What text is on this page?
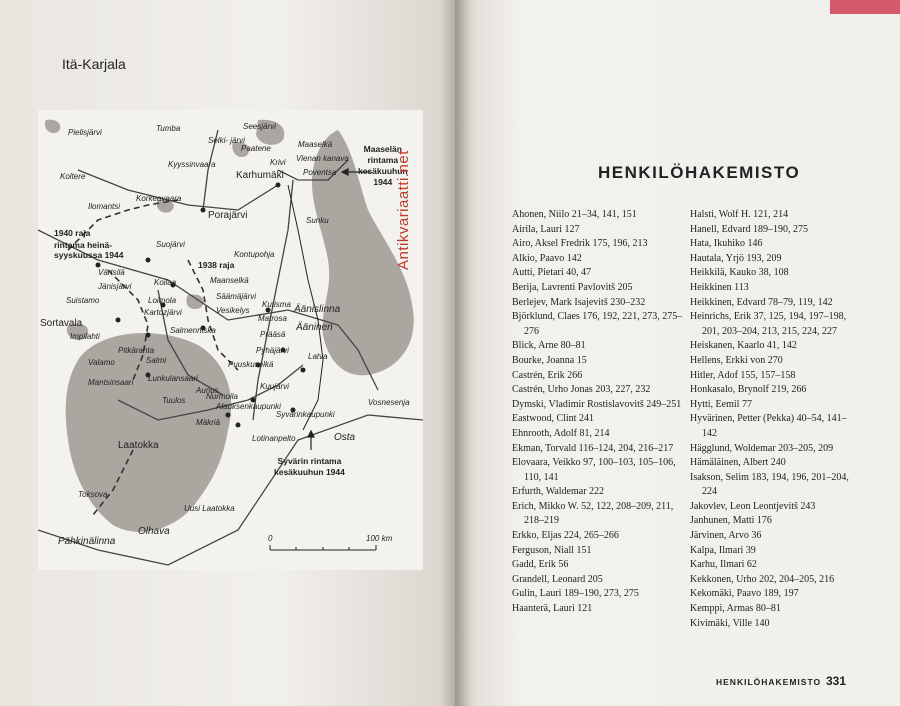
Itä-Karjala
Pielisjärvi	Tumba
Selki- järvi
Seesjärvi
Paatene	Maaselkä
Kyyssinvaara	Krivi Vienan kanava
Poventsa
Maaselän
rintama
kesäkuuhun
1944
Karhumäki
Koltere
Ilomantsi
Korkeavaara
Porajärvi	Sunku
1940 raja
rintama heinä-
syyskuussa 1944
Suojärvi
Kontupohja
Värtsilä
1938 raja
Maanselkä
Jänisjärvi	Koilaa
Säämäjärvi
Suistamo	Loimola	Kutisma Äänislinna
Kartozjärvi	Vesikelys
Matrosa
Ääninen
Sortavala
Impilahti
Salmenniska	Prääsä
Pitkäranta
Valamo	Salmi
Pyhäjärvi
Latva
Mantsinsaari Lunkulansaari
Puuskuselkä
Aunus	Kuujärvi
Tuulos	Nurmoila
Alauksenkaupunki	Vosnesenja
Mäkriä
Syvärinkaupunki
Laatokka
Lotinanpelto	Osta
Syvärin rintama
kesäkuuhun 1944
Toksova
Uusi Laatokka
Olhava
Pähkinälinna	0	100 km
Antikvariaatti.net	HENKILÖHAKEMISTO
Ahonen, Niilo 21–34, 141, 151
Airila, Lauri 127
Airo, Aksel Fredrik 175, 196, 213
Alkio, Paavo 142
Autti, Pietari 40, 47
Berija, Lavrenti Pavlovitš 205
Berlejev, Mark Isajevitš 230–232
Björklund, Claes 176, 192, 221, 273, 275–276
Blick, Arne 80–81
Bourke, Joanna 15
Castrén, Erik 266
Castrén, Urho Jonas 203, 227, 232
Dymski, Vladimir Rostislavovitš 249–251
Eastwood, Clint 241
Ehnrooth, Adolf 81, 214
Ekman, Torvald 116–124, 204, 216–217
Elovaara, Veikko 97, 100–103, 105–106, 110, 141
Erfurth, Waldemar 222
Erich, Mikko W. 52, 122, 208–209, 211, 218–219
Erkko, Eljas 224, 265–266
Ferguson, Niall 151
Gadd, Erik 56
Grandell, Leonard 205
Gulin, Lauri 189–190, 273, 275
Haanterä, Lauri 121
Halsti, Wolf H. 121, 214
Hanell, Edvard 189–190, 275
Hata, Ikuhiko 146
Hautala, Yrjö 193, 209
Heikkilä, Kauko 38, 108
Heikkinen 113
Heikkinen, Edvard 78–79, 119, 142
Heinrichs, Erik 37, 125, 194, 197–198, 201, 203–204, 213, 215, 224, 227
Heiskanen, Kaarlo 41, 142
Hellens, Erkki von 270
Hitler, Adof 155, 157–158
Honkasalo, Brynolf 219, 266
Hytti, Eemil 77
Hyvärinen, Petter (Pekka) 40–54, 141–142
Hägglund, Woldemar 203–205, 209
Hämäläinen, Albert 240
Isakson, Selim 183, 194, 196, 201–204, 224
Jakovlev, Leon Leontjevitš 243
Janhunen, Matti 176
Järvinen, Arvo 36
Kalpa, Ilmari 39
Karhu, Ilmari 62
Kekkonen, Urho 202, 204–205, 216
Kekomäki, Paavo 189, 197
Kemppi, Armas 80–81
Kivimäki, Ville 140
HENKILÖHAKEMISTO 331
